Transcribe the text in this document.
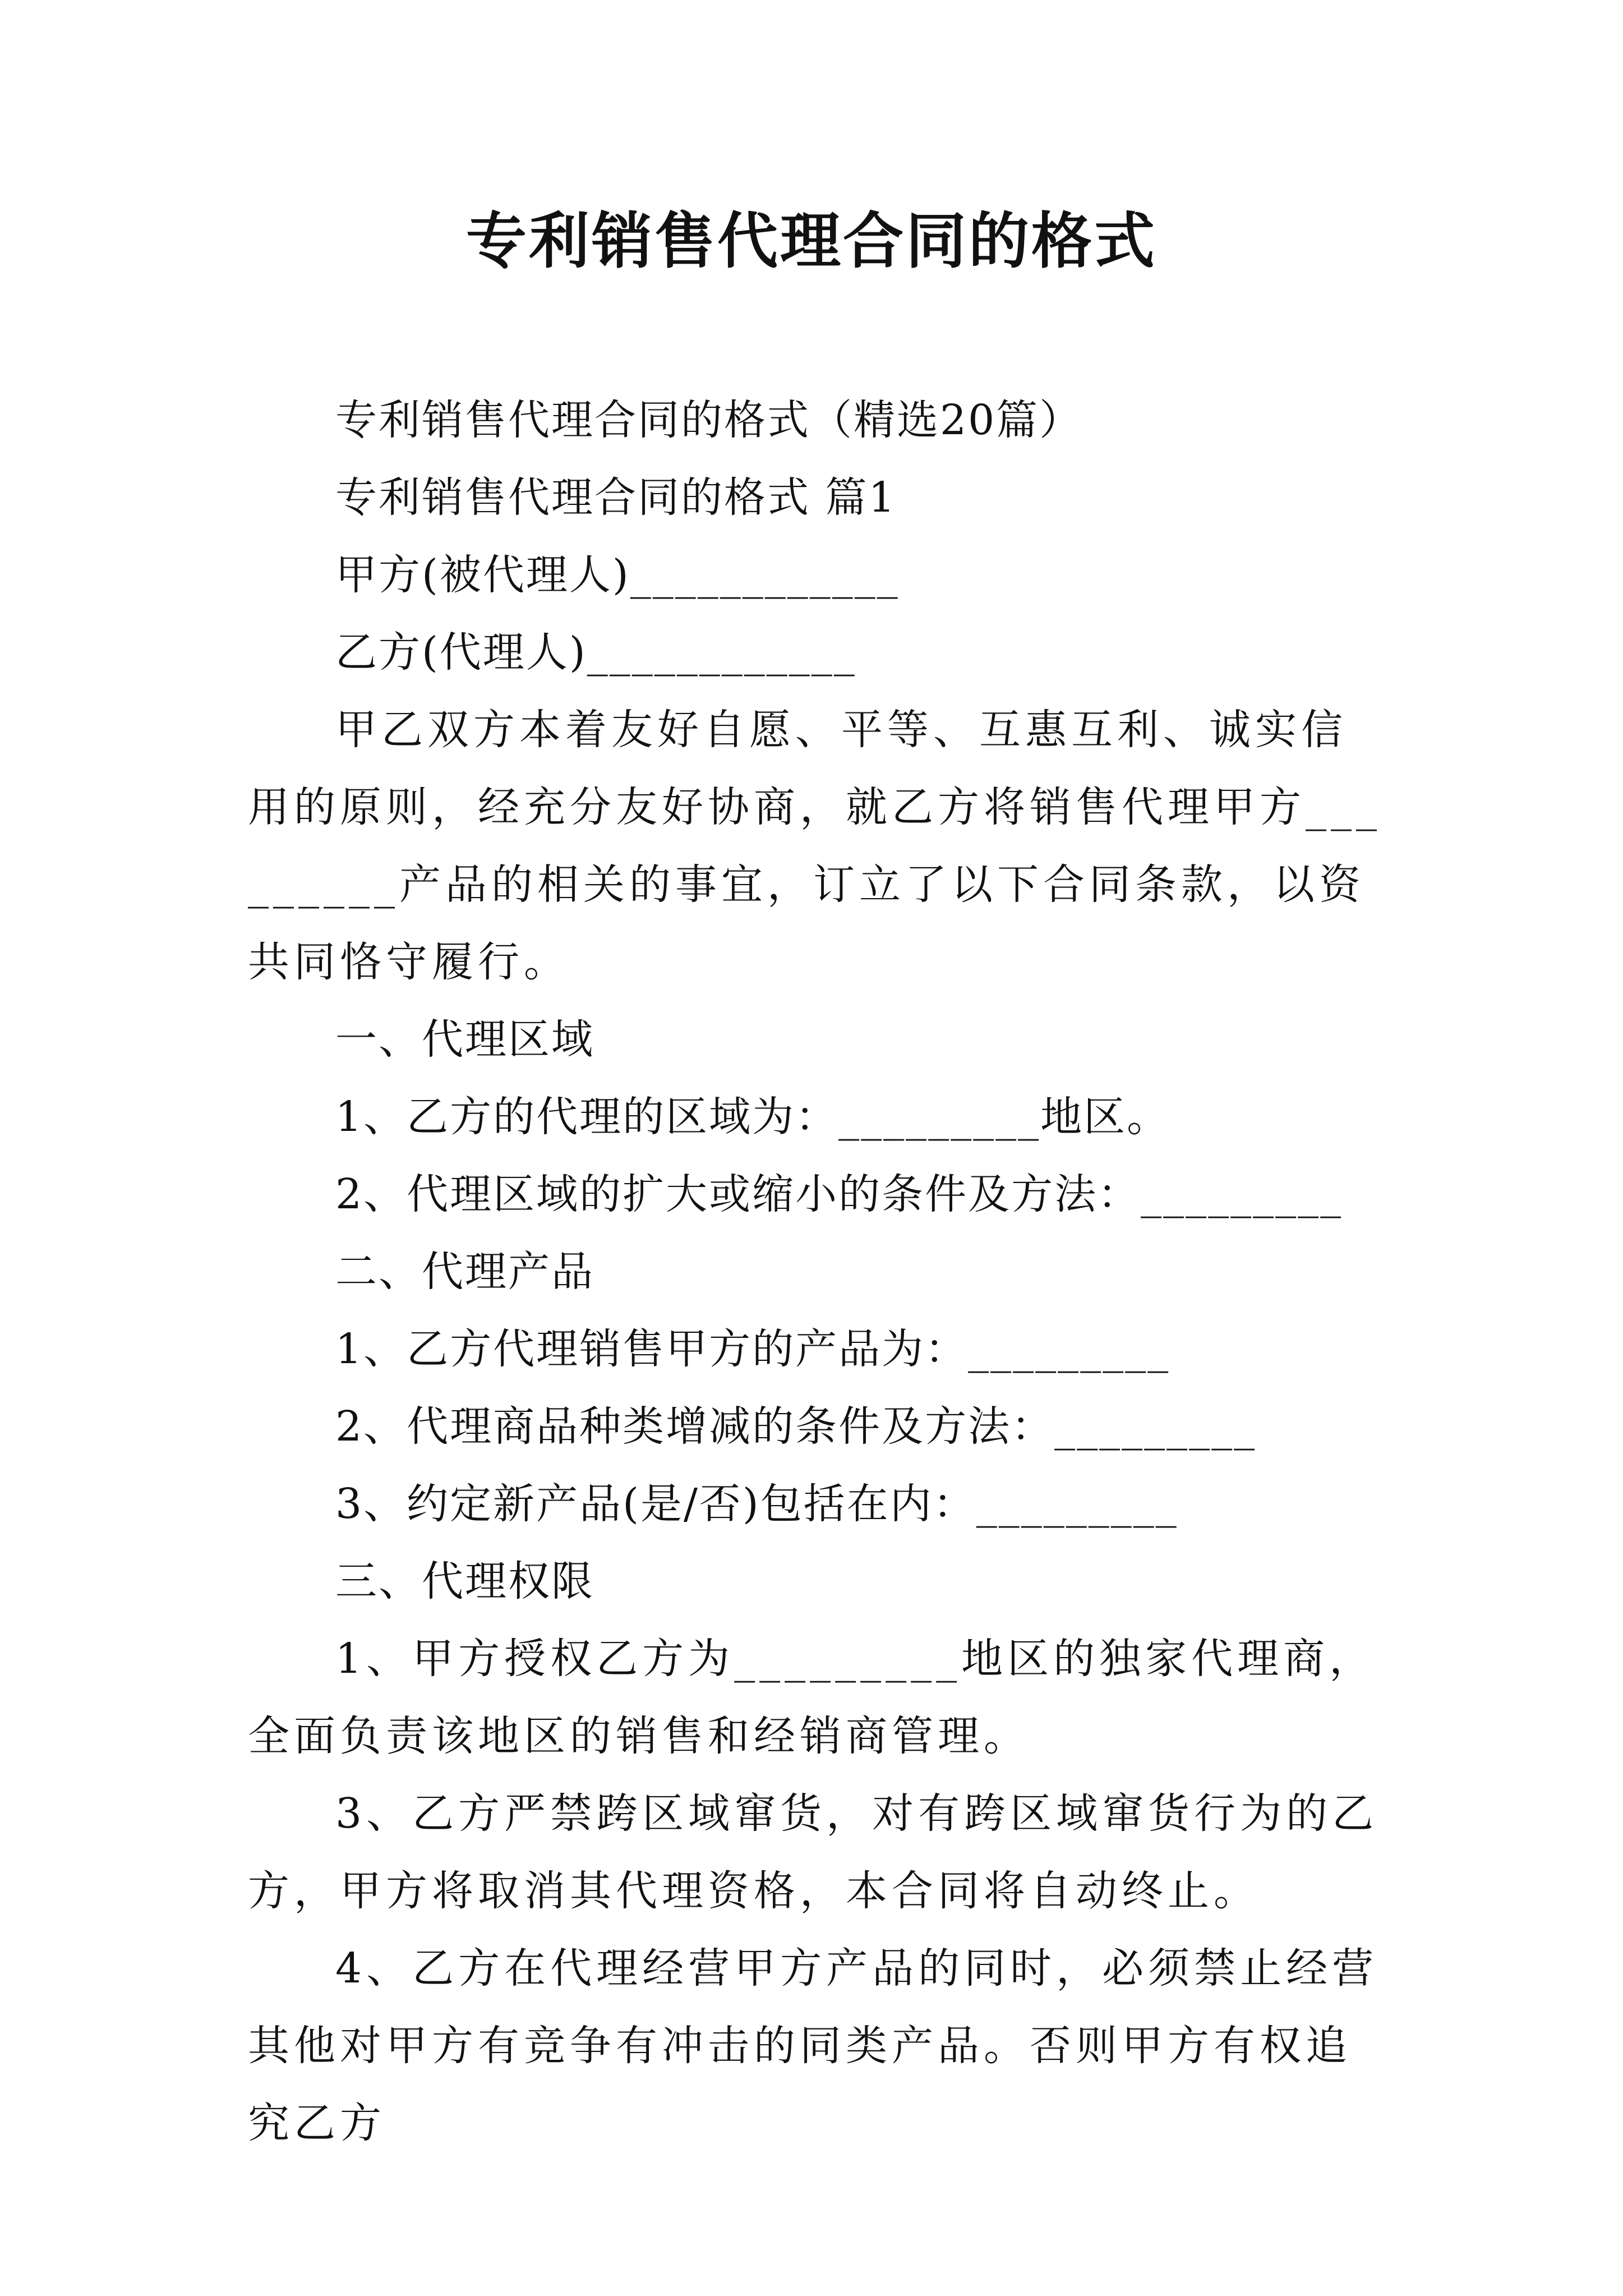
专利销售代理合同的格式

专利销售代理合同的格式（精选20篇）

专利销售代理合同的格式 篇1

甲方(被代理人)____________

乙方(代理人)____________

甲乙双方本着友好自愿、平等、互惠互利、诚实信用的原则，经充分友好协商，就乙方将销售代理甲方_________产品的相关的事宜，订立了以下合同条款，以资共同恪守履行。

一、代理区域

1、乙方的代理的区域为：_________地区。

2、代理区域的扩大或缩小的条件及方法：_________

二、代理产品

1、乙方代理销售甲方的产品为：_________

2、代理商品种类增减的条件及方法：_________

3、约定新产品(是/否)包括在内：_________

三、代理权限

1、甲方授权乙方为_________地区的独家代理商，全面负责该地区的销售和经销商管理。

3、乙方严禁跨区域窜货，对有跨区域窜货行为的乙方，甲方将取消其代理资格，本合同将自动终止。

4、乙方在代理经营甲方产品的同时，必须禁止经营其他对甲方有竞争有冲击的同类产品。否则甲方有权追究乙方
